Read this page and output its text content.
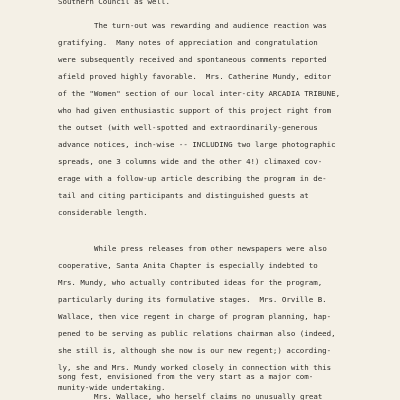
Southern Council as well.
The turn-out was rewarding and audience reaction was
gratifying.  Many notes of appreciation and congratulation
were subsequently received and spontaneous comments reported
afield proved highly favorable.  Mrs. Catherine Mundy, editor
of the "Women" section of our local inter-city ARCADIA TRIBUNE,
who had given enthusiastic support of this project right from
the outset (with well-spotted and extraordinarily-generous
advance notices, inch-wise -- INCLUDING two large photographic
spreads, one 3 columns wide and the other 4!) climaxed cov-
erage with a follow-up article describing the program in de-
tail and citing participants and distinguished guests at
considerable length.
While press releases from other newspapers were also
cooperative, Santa Anita Chapter is especially indebted to
Mrs. Mundy, who actually contributed ideas for the program,
particularly during its formulative stages.  Mrs. Orville B.
Wallace, then vice regent in charge of program planning, hap-
pened to be serving as public relations chairman also (indeed,
she still is, although she now is our new regent;) according-
ly, she and Mrs. Mundy worked closely in connection with this
song fest, envisioned from the very start as a major com-
munity-wide undertaking.
Mrs. Wallace, who herself claims no unusually great
